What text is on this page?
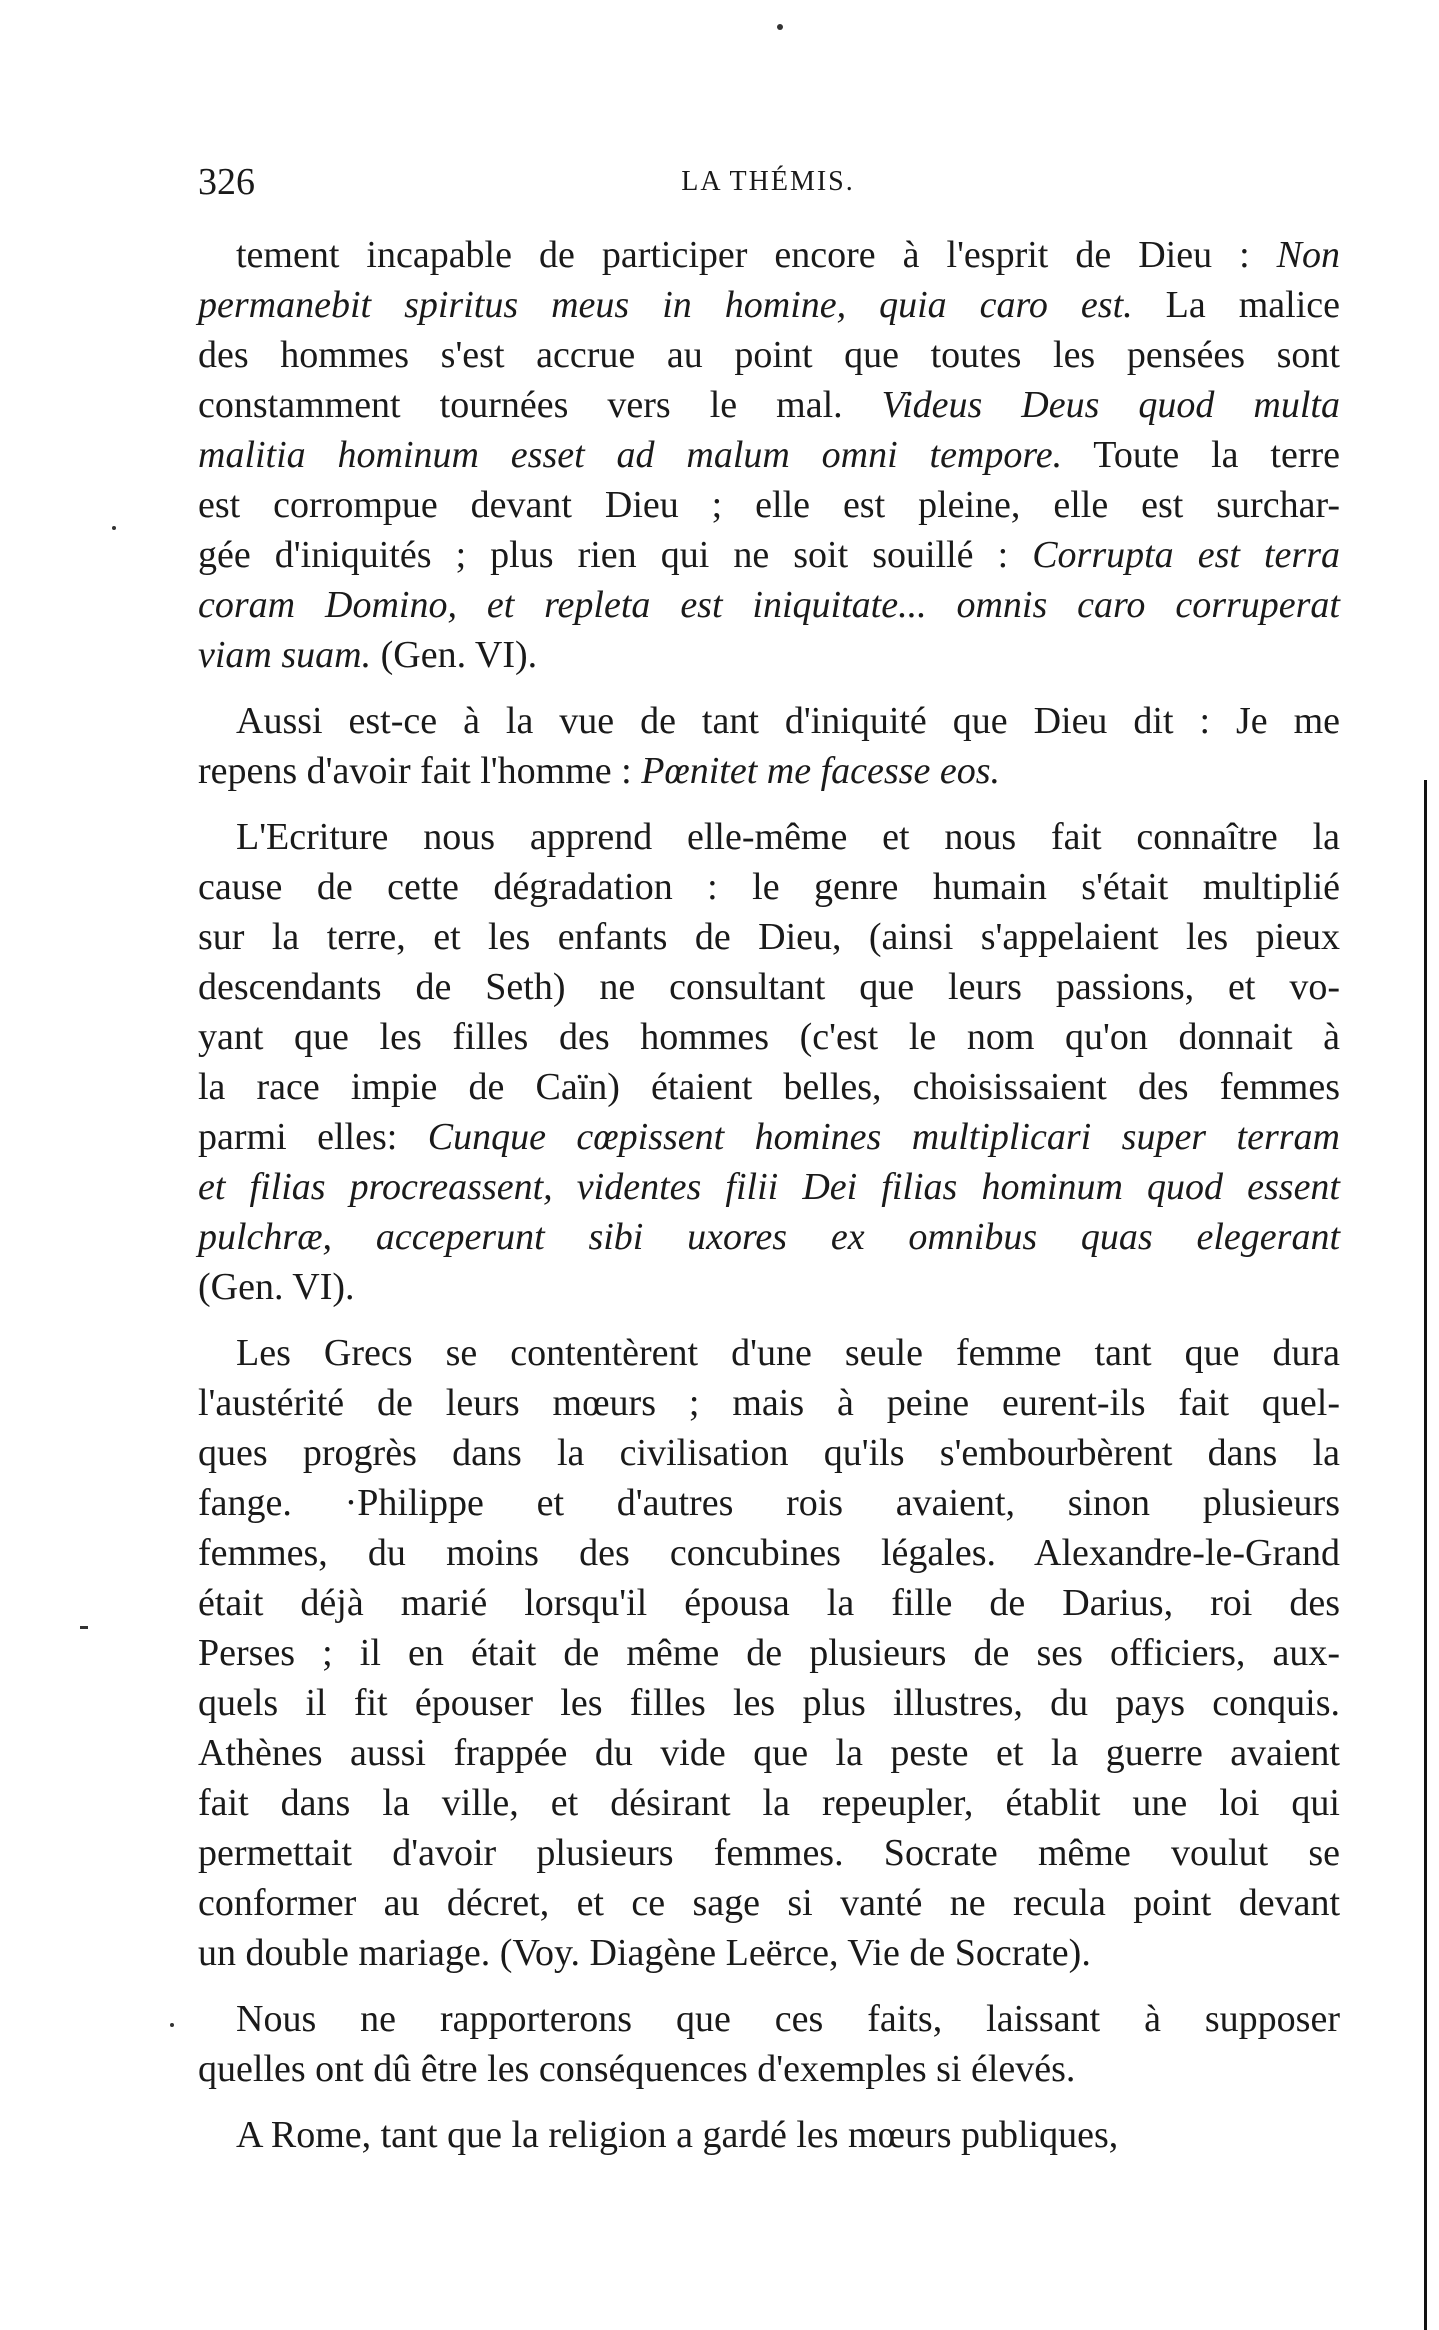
326	LA THÉMIS.
tement incapable de participer encore à l'esprit de Dieu : Non
permanebit spiritus meus in homine, quia caro est. La malice
des hommes s'est accrue au point que toutes les pensées sont
constamment tournées vers le mal. Videus Deus quod multa
malitia hominum esset ad malum omni tempore. Toute la terre
est corrompue devant Dieu ; elle est pleine, elle est surchar-
gée d'iniquités ; plus rien qui ne soit souillé : Corrupta est terra
coram Domino, et repleta est iniquitate... omnis caro corruperat
viam suam. (Gen. VI).
Aussi est-ce à la vue de tant d'iniquité que Dieu dit : Je me
repens d'avoir fait l'homme : Pœnitet me facesse eos.
L'Ecriture nous apprend elle-même et nous fait connaître la
cause de cette dégradation : le genre humain s'était multiplié
sur la terre, et les enfants de Dieu, (ainsi s'appelaient les pieux
descendants de Seth) ne consultant que leurs passions, et vo-
yant que les filles des hommes (c'est le nom qu'on donnait à
la race impie de Caïn) étaient belles, choisissaient des femmes
parmi elles: Cunque cœpissent homines multiplicari super terram
et filias procreassent, videntes filii Dei filias hominum quod essent
pulchræ, acceperunt sibi uxores ex omnibus quas elegerant
(Gen. VI).
Les Grecs se contentèrent d'une seule femme tant que dura
l'austérité de leurs mœurs ; mais à peine eurent-ils fait quel-
ques progrès dans la civilisation qu'ils s'embourbèrent dans la
fange. ·Philippe et d'autres rois avaient, sinon plusieurs
femmes, du moins des concubines légales. Alexandre-le-Grand
était déjà marié lorsqu'il épousa la fille de Darius, roi des
Perses ; il en était de même de plusieurs de ses officiers, aux-
quels il fit épouser les filles les plus illustres, du pays conquis.
Athènes aussi frappée du vide que la peste et la guerre avaient
fait dans la ville, et désirant la repeupler, établit une loi qui
permettait d'avoir plusieurs femmes. Socrate même voulut se
conformer au décret, et ce sage si vanté ne recula point devant
un double mariage. (Voy. Diagène Leërce, Vie de Socrate).
Nous ne rapporterons que ces faits, laissant à supposer
quelles ont dû être les conséquences d'exemples si élevés.
A Rome, tant que la religion a gardé les mœurs publiques,
